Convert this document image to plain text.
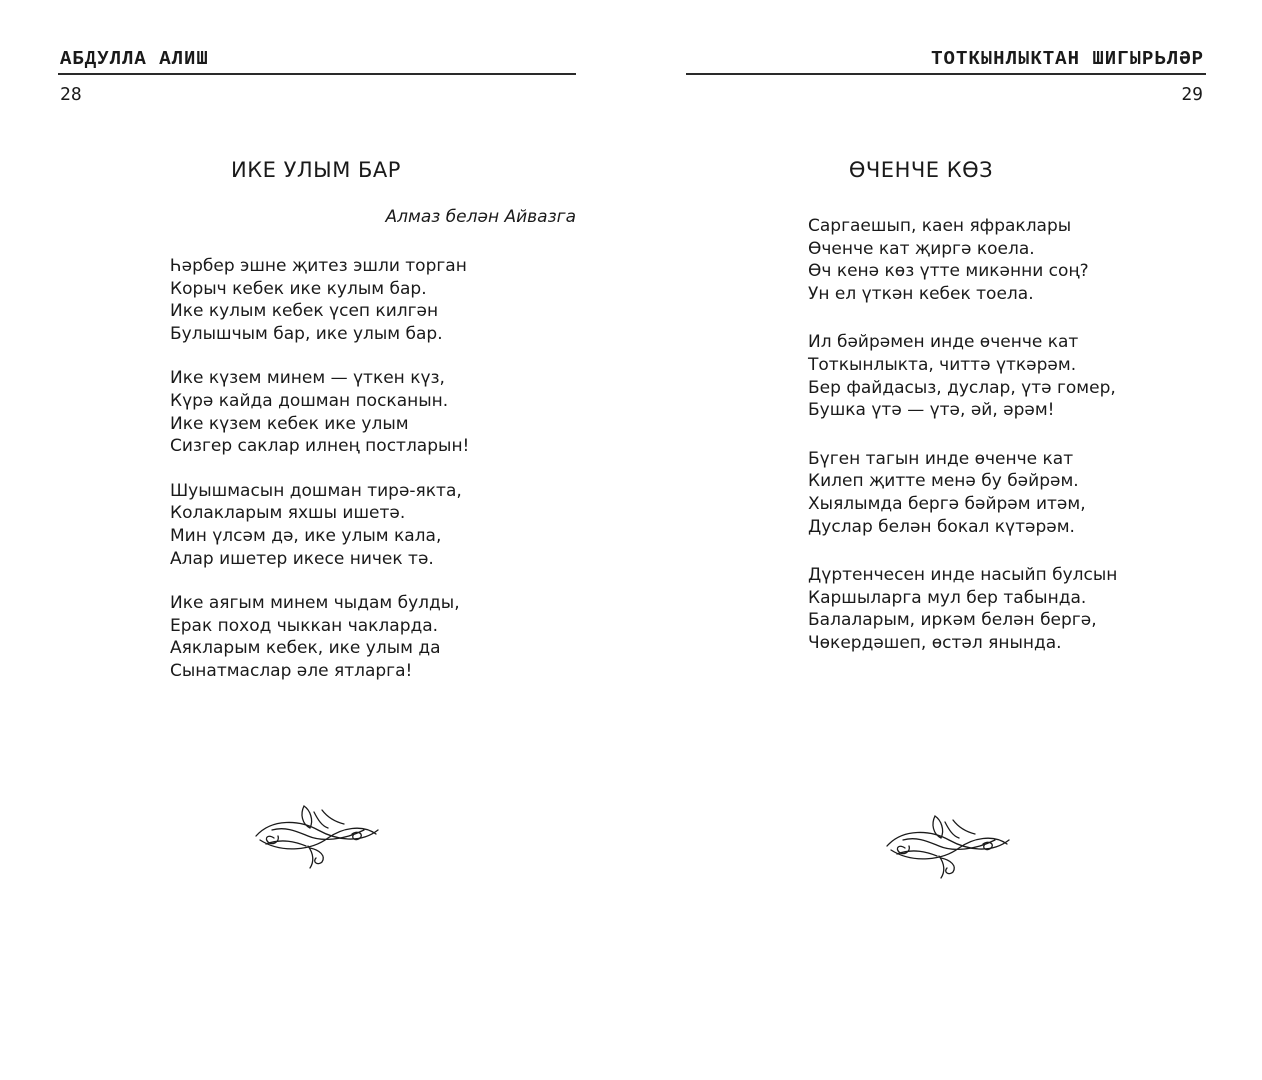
АБДУЛЛА АЛИШ
28
ИКЕ УЛЫМ БАР
Алмаз белән Айвазга
Һәрбер эшне җитез эшли торган
Корыч кебек ике кулым бар.
Ике кулым кебек үсеп килгән
Булышчым бар, ике улым бар.
Ике күзем минем — үткен күз,
Күрә кайда дошман посканын.
Ике күзем кебек ике улым
Сизгер саклар илнең постларын!
Шуышмасын дошман тирә-якта,
Колакларым яхшы ишетә.
Мин үлсәм дә, ике улым кала,
Алар ишетер икесе ничек тә.
Ике аягым минем чыдам булды,
Ерак поход чыккан чакларда.
Аякларым кебек, ике улым да
Сынатмаслар әле ятларга!
ТОТКЫНЛЫКТАН ШИГЫРЬЛӘР
29
ӨЧЕНЧЕ КӨЗ
Саргаешып, каен яфраклары
Өченче кат җиргә коела.
Өч кенә көз үтте микәнни соң?
Ун ел үткән кебек тоела.
Ил бәйрәмен инде өченче кат
Тоткынлыкта, читтә үткәрәм.
Бер файдасыз, дуслар, үтә гомер,
Бушка үтә — үтә, әй, әрәм!
Бүген тагын инде өченче кат
Килеп җитте менә бу бәйрәм.
Хыялымда бергә бәйрәм итәм,
Дуслар белән бокал күтәрәм.
Дүртенчесен инде насыйп булсын
Каршыларга мул бер табында.
Балаларым, иркәм белән бергә,
Чөкердәшеп, өстәл янында.
